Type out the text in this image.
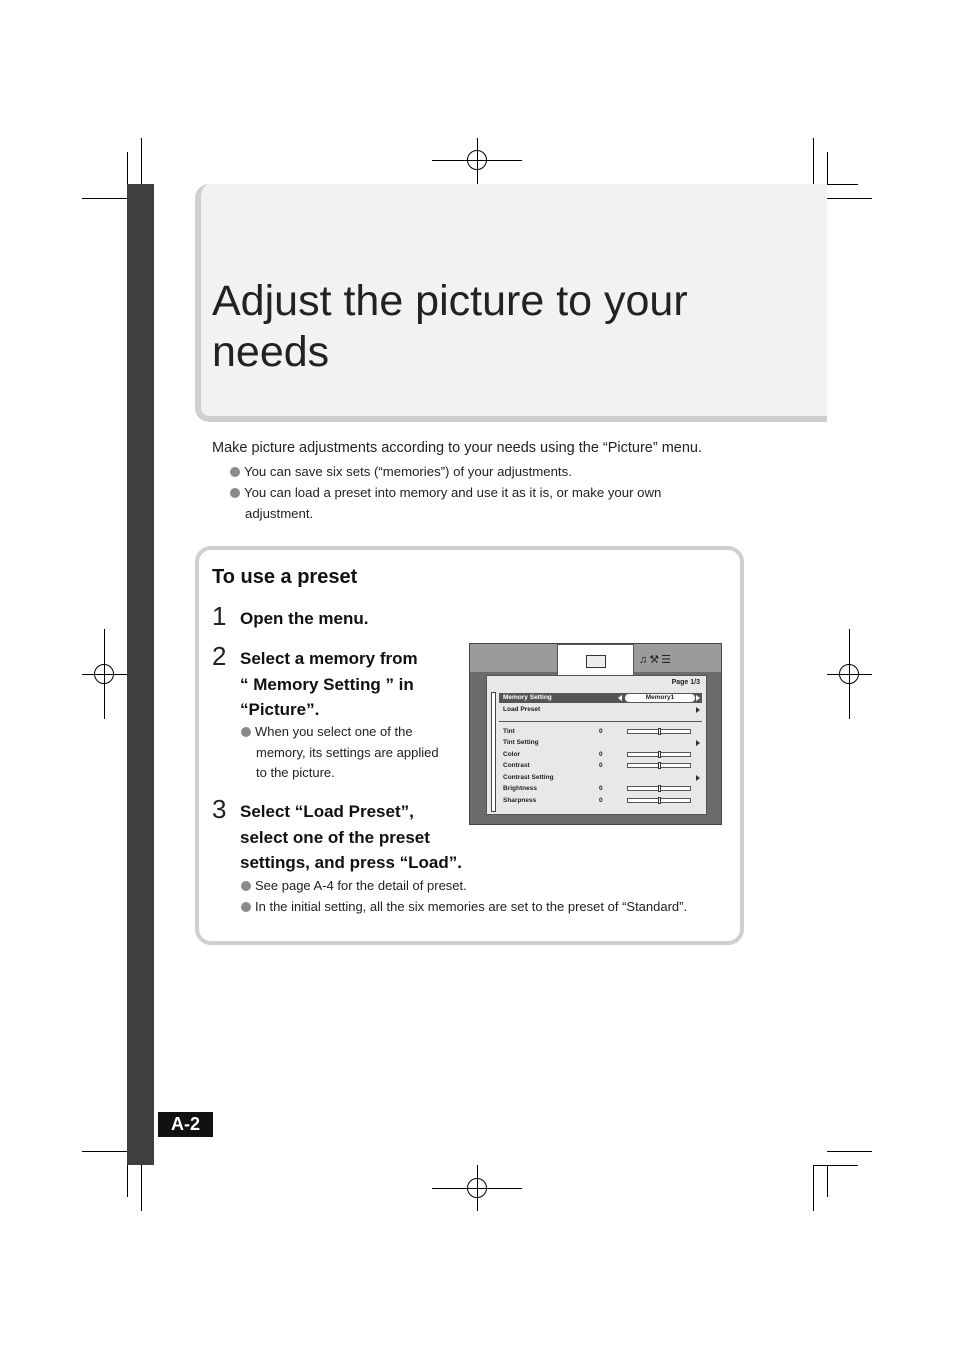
Adjust the picture to your needs
Make picture adjustments according to your needs using the “Picture” menu.
You can save six sets (“memories”) of your adjustments.
You can load a preset into memory and use it as it is, or make your own
adjustment.
To use a preset
1 Open the menu.
2 Select a memory from
“ Memory Setting ” in
“Picture”.
When you select one of the
memory, its settings are applied
to the picture.
3 Select “Load Preset”,
select one of the preset
settings, and press “Load”.
See page A-4 for the detail of preset.
In the initial setting, all the six memories are set to the preset of “Standard”.
♫⚒☰
Page 1/3
Memory Setting	Memory1
Load Preset
Tint	0
Tint Setting
Color	0
Contrast	0
Contrast Setting
Brightness	0
Sharpness	0
A-2
